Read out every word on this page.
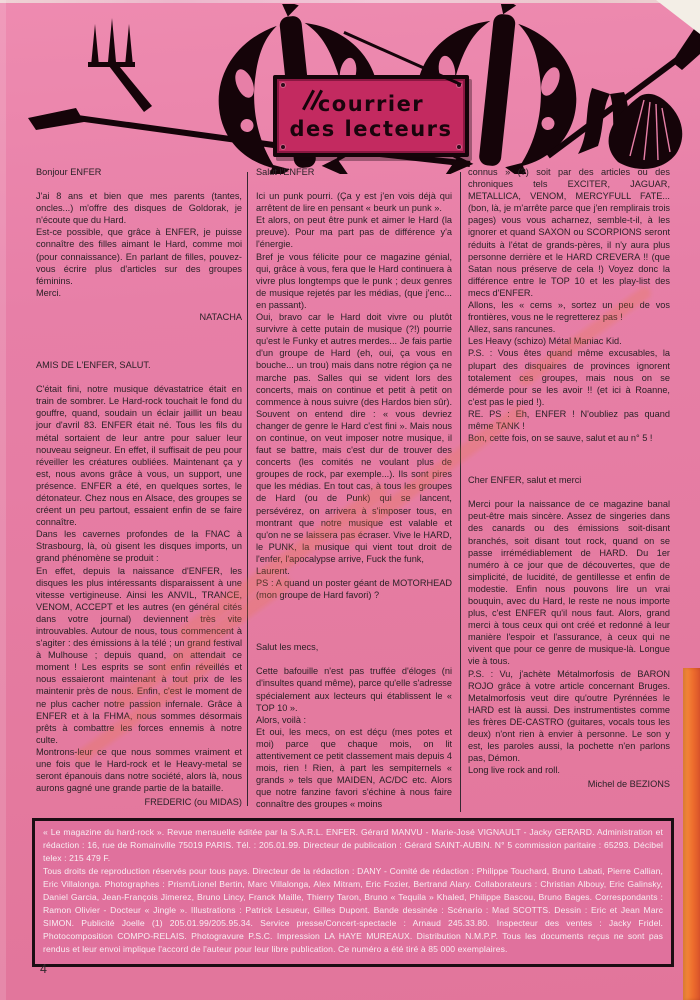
courrier
des lecteurs

Bonjour ENFER

J'ai 8 ans et bien que mes parents (tantes, oncles...) m'offre des disques de Goldorak, je n'écoute que du Hard.

Est-ce possible, que grâce à ENFER, je puisse connaître des filles aimant le Hard, comme moi (pour connaissance). En parlant de filles, pouvez-vous écrire plus d'articles sur des groupes féminins.

Merci.

NATACHA

AMIS DE L'ENFER, SALUT.

C'était fini, notre musique dévastatrice était en train de sombrer. Le Hard-rock touchait le fond du gouffre, quand, soudain un éclair jaillit un beau jour d'avril 83. ENFER était né. Tous les fils du métal sortaient de leur antre pour saluer leur nouveau seigneur. En effet, il suffisait de peu pour réveiller les créatures oubliées. Maintenant ça y est, nous avons grâce à vous, un support, une présence. ENFER a été, en quelques sortes, le détonateur. Chez nous en Alsace, des groupes se créent un peu partout, essaient enfin de se faire connaître.

Dans les cavernes profondes de la FNAC à Strasbourg, là, où gisent les disques imports, un grand phénomène se produit :

En effet, depuis la naissance d'ENFER, les disques les plus intéressants disparaissent à une vitesse vertigineuse. Ainsi les ANVIL, TRANCE, VENOM, ACCEPT et les autres (en général cités dans votre journal) deviennent très vite introuvables. Autour de nous, tous commencent à s'agiter : des émissions à la télé ; un grand festival à Mulhouse ; depuis quand, on attendait ce moment ! Les esprits se sont enfin réveillés et nous essaieront maintenant à tout prix de les maintenir près de nous. Enfin, c'est le moment de ne plus cacher notre passion infernale. Grâce à ENFER et à la FHMA, nous sommes désormais prêts à combattre les forces ennemis à notre culte.

Montrons-leur ce que nous sommes vraiment et une fois que le Hard-rock et le Heavy-metal se seront épanouis dans notre société, alors là, nous aurons gagné une grande partie de la bataille.

FREDERIC (ou MIDAS)

Salut l'ENFER

Ici un punk pourri. (Ça y est j'en vois déjà qui arrêtent de lire en pensant « beurk un punk ».

Et alors, on peut être punk et aimer le Hard (la preuve). Pour ma part pas de différence y'a l'énergie.

Bref je vous félicite pour ce magazine génial, qui, grâce à vous, fera que le Hard continuera à vivre plus longtemps que le punk ; deux genres de musique rejetés par les médias, (que j'enc... en passant).

Oui, bravo car le Hard doit vivre ou plutôt survivre à cette putain de musique (?!) pourrie qu'est le Funky et autres merdes... Je fais partie d'un groupe de Hard (eh, oui, ça vous en bouche... un trou) mais dans notre région ça ne marche pas. Salles qui se vident lors des concerts, mais on continue et petit à petit on commence à nous suivre (des Hardos bien sûr). Souvent on entend dire : « vous devriez changer de genre le Hard c'est fini ». Mais nous on continue, on veut imposer notre musique, il faut se battre, mais c'est dur de trouver des concerts (les comités ne voulant plus de groupes de rock, par exemple...). Ils sont pires que les médias. En tout cas, à tous les groupes de Hard (ou de Punk) qui se lancent, persévérez, on arrivera à s'imposer tous, en montrant que notre musique est valable et qu'on ne se laissera pas écraser. Vive le HARD, le PUNK, la musique qui vient tout droit de l'enfer, l'apocalypse arrive, Fuck the funk,

Laurent.

PS : A quand un poster géant de MOTORHEAD (mon groupe de Hard favori) ?

Salut les mecs,

Cette bafouille n'est pas truffée d'éloges (ni d'insultes quand même), parce qu'elle s'adresse spécialement aux lecteurs qui établissent le « TOP 10 ».

Alors, voilà :

Et oui, les mecs, on est déçu (mes potes et moi) parce que chaque mois, on lit attentivement ce petit classement mais depuis 4 mois, rien ! Rien, à part les sempiternels « grands » tels que MAIDEN, AC/DC etc. Alors que notre fanzine favori s'échine à nous faire connaître des groupes « moins

connus » (?) soit par des articles ou des chroniques tels EXCITER, JAGUAR, METALLICA, VENOM, MERCYFULL FATE... (bon, là, je m'arrête parce que j'en remplirais trois pages) vous vous acharnez, semble-t-il, à les ignorer et quand SAXON ou SCORPIONS seront réduits à l'état de grands-pères, il n'y aura plus personne derrière et le HARD CREVERA !! (que Satan nous préserve de cela !) Voyez donc la différence entre le TOP 10 et les play-list des mecs d'ENFER.

Allons, les « cems », sortez un peu de vos frontières, vous ne le regretterez pas !

Allez, sans rancunes.

Les Heavy (schizo) Métal Maniac Kid.

P.S. : Vous êtes quand même excusables, la plupart des disquaires de provinces ignorent totalement ces groupes, mais nous on se démerde pour se les avoir !! (et ici à Roanne, c'est pas le pied !).

RE. PS : Eh, ENFER ! N'oubliez pas quand même TANK !

Bon, cette fois, on se sauve, salut et au n° 5 !

Cher ENFER, salut et merci

Merci pour la naissance de ce magazine banal peut-être mais sincère. Assez de singeries dans des canards ou des émissions soit-disant branchés, soit disant tout rock, quand on se passe irrémédiablement de HARD. Du 1er numéro à ce jour que de découvertes, que de simplicité, de lucidité, de gentillesse et enfin de modestie. Enfin nous pouvons lire un vrai bouquin, avec du Hard, le reste ne nous importe plus, c'est ENFER qu'il nous faut. Alors, grand merci à tous ceux qui ont créé et redonné à leur manière l'espoir et l'assurance, à ceux qui ne vivent que pour ce genre de musique-là. Longue vie à tous.

P.S. : Vu, j'achète Métalmorfosis de BARON ROJO grâce à votre article concernant Bruges. Metalmorfosis veut dire qu'outre Pyrénnées le HARD est là aussi. Des instrumentistes comme les frères DE-CASTRO (guitares, vocals tous les deux) n'ont rien à envier à personne. Le son y est, les paroles aussi, la pochette n'en parlons pas, Démon.

Long live rock and roll.

Michel de BEZIONS

« Le magazine du hard-rock ». Revue mensuelle éditée par la S.A.R.L. ENFER. Gérard MANVU - Marie-José VIGNAULT - Jacky GERARD. Administration et rédaction : 16, rue de Romainville 75019 PARIS. Tél. : 205.01.99. Directeur de publication : Gérard SAINT-AUBIN. N° 5 commission paritaire : 65293. Décibel telex : 215 479 F.

Tous droits de reproduction réservés pour tous pays. Directeur de la rédaction : DANY - Comité de rédaction : Philippe Touchard, Bruno Labati, Pierre Callian, Eric Villalonga. Photographes : Prism/Lionel Bertin, Marc Villalonga, Alex Mitram, Eric Fozier, Bertrand Alary. Collaborateurs : Christian Albouy, Eric Galinsky, Daniel Garcia, Jean-François Jimerez, Bruno Lincy, Franck Maille, Thierry Taron, Bruno « Tequila » Khaled, Philippe Bascou, Bruno Bages. Correspondants : Ramon Olivier - Docteur « Jingle ». Illustrations : Patrick Lesueur, Gilles Dupont. Bande dessinée : Scénario : Mad SCOTTS. Dessin : Eric et Jean Marc SIMON. Publicité Joelle (1) 205.01.99/205.95.34. Service presse/Concert-spectacle : Arnaud 245.33.80. Inspecteur des ventes : Jacky Fridel. Photocomposition COMPO-RELAIS. Photogravure P.S.C. Impression LA HAYE MUREAUX. Distribution N.M.P.P. Tous les documents reçus ne sont pas rendus et leur envoi implique l'accord de l'auteur pour leur libre publication. Ce numéro a été tiré à 85 000 exemplaires.

4
